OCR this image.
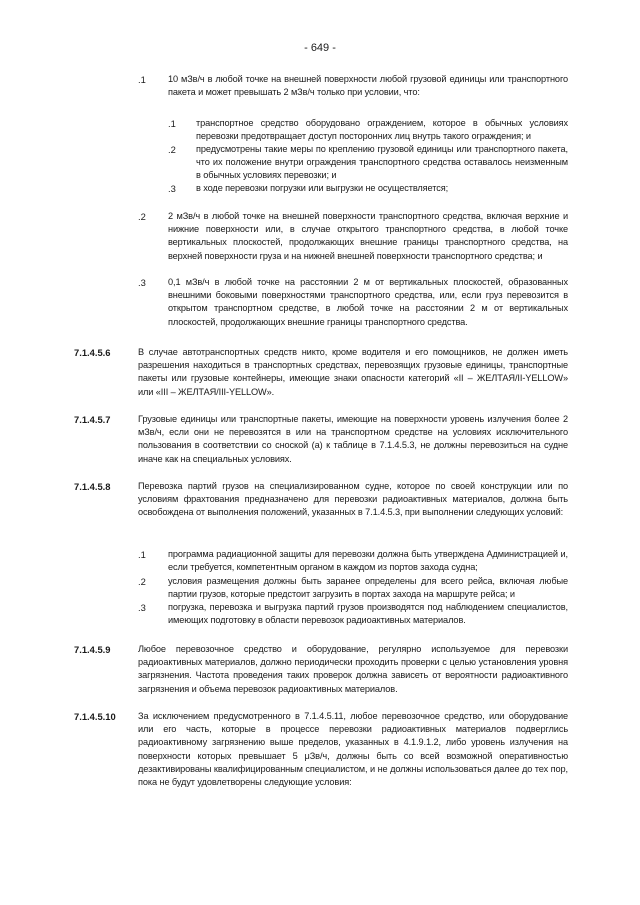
- 649 -
.1 10 мЗв/ч в любой точке на внешней поверхности любой грузовой единицы или транспортного пакета и может превышать 2 мЗв/ч только при условии, что:
.1 транспортное средство оборудовано ограждением, которое в обычных условиях перевозки предотвращает доступ посторонних лиц внутрь такого ограждения; и
.2 предусмотрены такие меры по креплению грузовой единицы или транспортного пакета, что их положение внутри ограждения транспортного средства оставалось неизменным в обычных условиях перевозки; и
.3 в ходе перевозки погрузки или выгрузки не осуществляется;
.2 2 мЗв/ч в любой точке на внешней поверхности транспортного средства, включая верхние и нижние поверхности или, в случае открытого транспортного средства, в любой точке вертикальных плоскостей, продолжающих внешние границы транспортного средства, на верхней поверхности груза и на нижней внешней поверхности транспортного средства; и
.3 0,1 мЗв/ч в любой точке на расстоянии 2 м от вертикальных плоскостей, образованных внешними боковыми поверхностями транспортного средства, или, если груз перевозится в открытом транспортном средстве, в любой точке на расстоянии 2 м от вертикальных плоскостей, продолжающих внешние границы транспортного средства.
7.1.4.5.6	В случае автотранспортных средств никто, кроме водителя и его помощников, не должен иметь разрешения находиться в транспортных средствах, перевозящих грузовые единицы, транспортные пакеты или грузовые контейнеры, имеющие знаки опасности категорий «II – ЖЕЛТАЯ/II-YELLOW» или «III – ЖЕЛТАЯ/III-YELLOW».
7.1.4.5.7	Грузовые единицы или транспортные пакеты, имеющие на поверхности уровень излучения более 2 мЗв/ч, если они не перевозятся в или на транспортном средстве на условиях исключительного пользования в соответствии со сноской (а) к таблице в 7.1.4.5.3, не должны перевозиться на судне иначе как на специальных условиях.
7.1.4.5.8	Перевозка партий грузов на специализированном судне, которое по своей конструкции или по условиям фрахтования предназначено для перевозки радиоактивных материалов, должна быть освобождена от выполнения положений, указанных в 7.1.4.5.3, при выполнении следующих условий:
.1 программа радиационной защиты для перевозки должна быть утверждена Администрацией и, если требуется, компетентным органом в каждом из портов захода судна;
.2 условия размещения должны быть заранее определены для всего рейса, включая любые партии грузов, которые предстоит загрузить в портах захода на маршруте рейса; и
.3 погрузка, перевозка и выгрузка партий грузов производятся под наблюдением специалистов, имеющих подготовку в области перевозок радиоактивных материалов.
7.1.4.5.9	Любое перевозочное средство и оборудование, регулярно используемое для перевозки радиоактивных материалов, должно периодически проходить проверки с целью установления уровня загрязнения. Частота проведения таких проверок должна зависеть от вероятности радиоактивного загрязнения и объема перевозок радиоактивных материалов.
7.1.4.5.10 За исключением предусмотренного в 7.1.4.5.11, любое перевозочное средство, или оборудование или его часть, которые в процессе перевозки радиоактивных материалов подверглись радиоактивному загрязнению выше пределов, указанных в 4.1.9.1.2, либо уровень излучения на поверхности которых превышает 5 μЗв/ч, должны быть со всей возможной оперативностью дезактивированы квалифицированным специалистом, и не должны использоваться далее до тех пор, пока не будут удовлетворены следующие условия:
